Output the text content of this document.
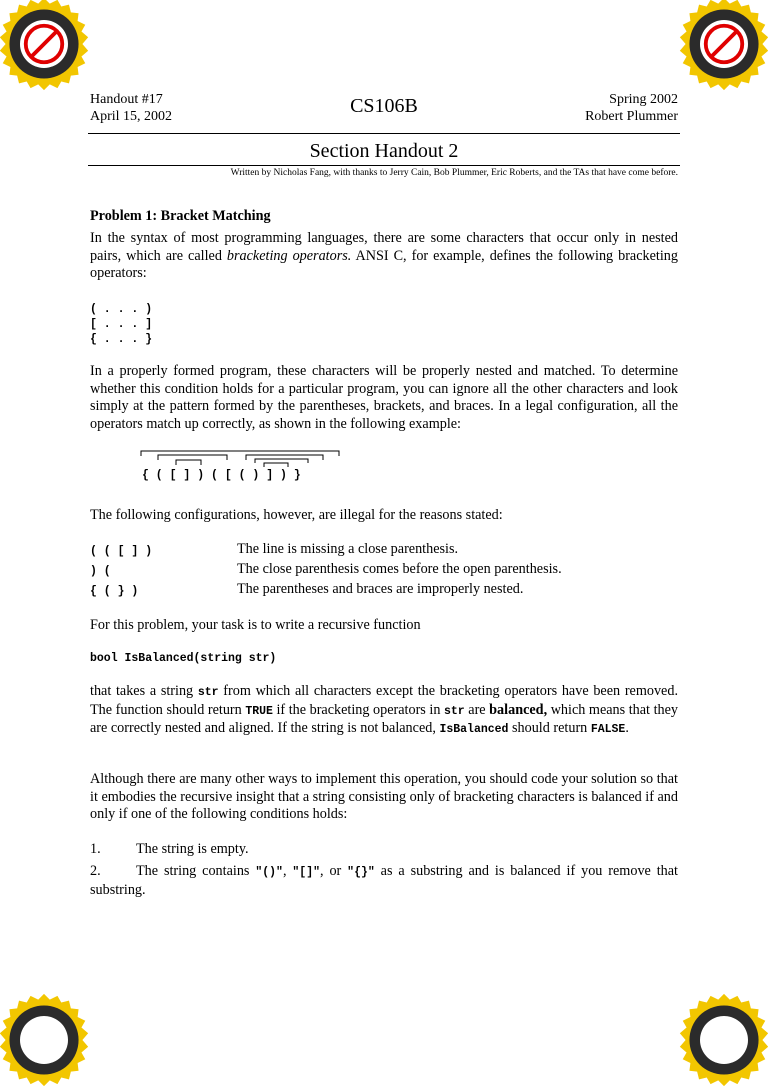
Handout #17
April 15, 2002	CS106B	Spring 2002
Robert Plummer
Section Handout 2
Written by Nicholas Fang, with thanks to Jerry Cain, Bob Plummer, Eric Roberts, and the TAs that have come before.
Problem 1: Bracket Matching

In the syntax of most programming languages, there are some characters that occur only in nested pairs, which are called bracketing operators. ANSI C, for example, defines the following bracketing operators:

( . . . )
[ . . . ]
{ . . . }

In a properly formed program, these characters will be properly nested and matched. To determine whether this condition holds for a particular program, you can ignore all the other characters and look simply at the pattern formed by the parentheses, brackets, and braces. In a legal configuration, all the operators match up correctly, as shown in the following example:

{ ( [ ] ) ( [ ( ) ] ) }

The following configurations, however, are illegal for the reasons stated:

( ( [ ] )	The line is missing a close parenthesis.
) (	The close parenthesis comes before the open parenthesis.
{ ( } )	The parentheses and braces are improperly nested.

For this problem, your task is to write a recursive function

bool IsBalanced(string str)

that takes a string str from which all characters except the bracketing operators have been removed. The function should return TRUE if the bracketing operators in str are balanced, which means that they are correctly nested and aligned. If the string is not balanced, IsBalanced should return FALSE.

Although there are many other ways to implement this operation, you should code your solution so that it embodies the recursive insight that a string consisting only of bracketing characters is balanced if and only if one of the following conditions holds:

1. The string is empty.

2. The string contains "()", "[]", or "{}" as a substring and is balanced if you remove that substring.
